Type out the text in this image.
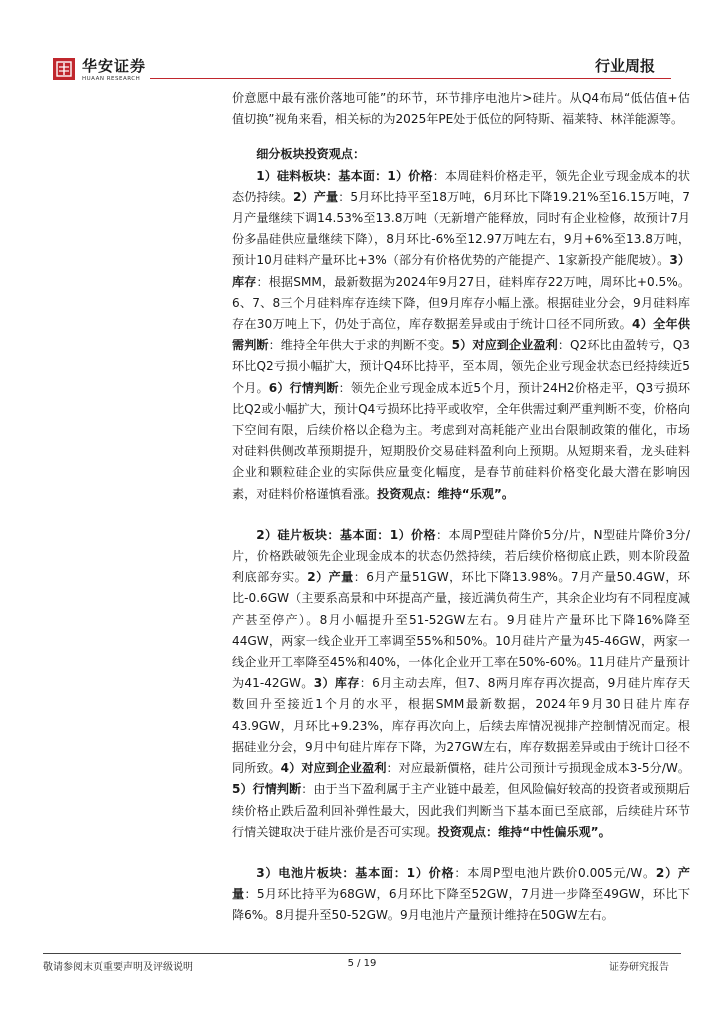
华安证券
HUAAN RESEARCH
行业周报

价意愿中最有涨价落地可能”的环节，环节排序电池片>硅片。从Q4布局“低估值+估值切换”视角来看，相关标的为2025年PE处于低位的阿特斯、福莱特、林洋能源等。

细分板块投资观点：

1）硅料板块：基本面：1）价格：本周硅料价格走平，领先企业亏现金成本的状态仍持续。2）产量：5月环比持平至18万吨，6月环比下降19.21%至16.15万吨，7月产量继续下调14.53%至13.8万吨（无新增产能释放，同时有企业检修，故预计7月份多晶硅供应量继续下降），8月环比-6%至12.97万吨左右，9月+6%至13.8万吨，预计10月硅料产量环比+3%（部分有价格优势的产能提产、1家新投产能爬坡）。3）库存：根据SMM，最新数据为2024年9月27日，硅料库存22万吨，周环比+0.5%。6、7、8三个月硅料库存连续下降，但9月库存小幅上涨。根据硅业分会，9月硅料库存在30万吨上下，仍处于高位，库存数据差异或由于统计口径不同所致。4）全年供需判断：维持全年供大于求的判断不变。5）对应到企业盈利：Q2环比由盈转亏，Q3环比Q2亏损小幅扩大，预计Q4环比持平，至本周，领先企业亏现金状态已经持续近5个月。6）行情判断：领先企业亏现金成本近5个月，预计24H2价格走平，Q3亏损环比Q2或小幅扩大，预计Q4亏损环比持平或收窄，全年供需过剩严重判断不变，价格向下空间有限，后续价格以企稳为主。考虑到对高耗能产业出台限制政策的催化，市场对硅料供侧改革预期提升，短期股价交易硅料盈利向上预期。从短期来看，龙头硅料企业和颗粒硅企业的实际供应量变化幅度，是春节前硅料价格变化最大潜在影响因素，对硅料价格谨慎看涨。投资观点：维持“乐观”。

2）硅片板块：基本面：1）价格：本周P型硅片降价5分/片，N型硅片降价3分/片，价格跌破领先企业现金成本的状态仍然持续，若后续价格彻底止跌，则本阶段盈利底部夯实。2）产量：6月产量51GW，环比下降13.98%。7月产量50.4GW，环比-0.6GW（主要系高景和中环提高产量，接近满负荷生产，其余企业均有不同程度减产甚至停产）。8月小幅提升至51-52GW左右。9月硅片产量环比下降16%降至44GW，两家一线企业开工率调至55%和50%。10月硅片产量为45-46GW，两家一线企业开工率降至45%和40%，一体化企业开工率在50%-60%。11月硅片产量预计为41-42GW。3）库存：6月主动去库，但7、8两月库存再次提高，9月硅片库存天数回升至接近1个月的水平，根据SMM最新数据，2024年9月30日硅片库存43.9GW，月环比+9.23%，库存再次向上，后续去库情况视排产控制情况而定。根据硅业分会，9月中旬硅片库存下降，为27GW左右，库存数据差异或由于统计口径不同所致。4）对应到企业盈利：对应最新價格，硅片公司预计亏损现金成本3-5分/W。5）行情判断：由于当下盈利属于主产业链中最差，但风险偏好较高的投资者或预期后续价格止跌后盈利回补弹性最大，因此我们判断当下基本面已至底部，后续硅片环节行情关键取决于硅片涨价是否可实现。投资观点：维持“中性偏乐观”。

3）电池片板块：基本面：1）价格：本周P型电池片跌价0.005元/W。2）产量：5月环比持平为68GW，6月环比下降至52GW，7月进一步降至49GW，环比下降6%。8月提升至50-52GW。9月电池片产量预计维持在50GW左右。

敬请参阅末页重要声明及评级说明	5 / 19	证券研究报告
